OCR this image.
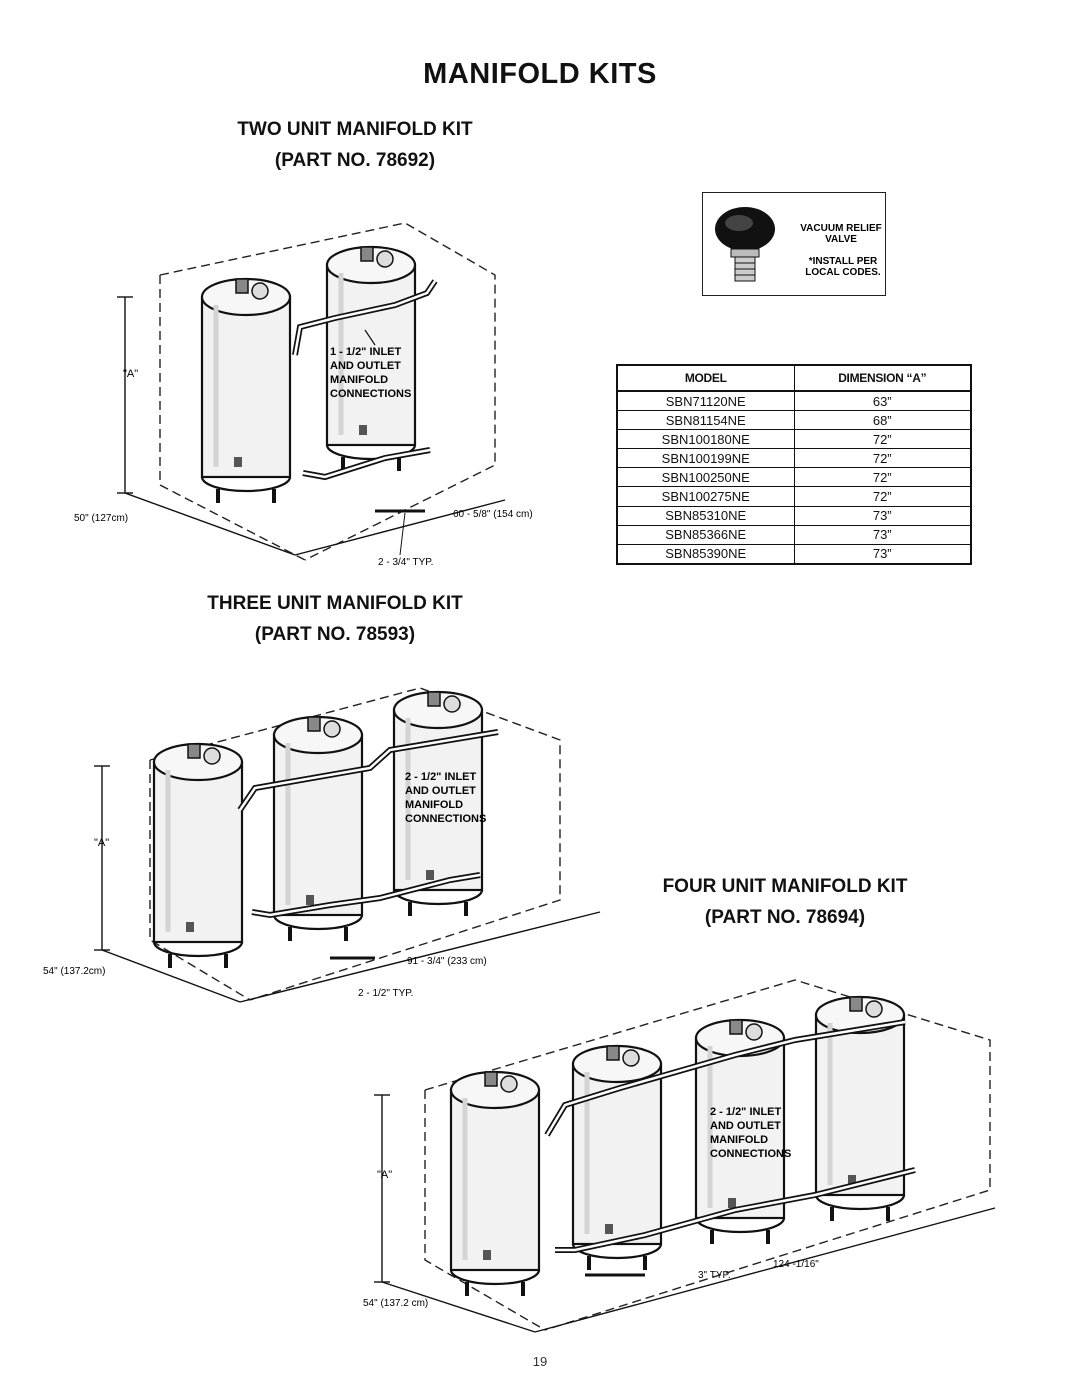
MANIFOLD KITS
TWO UNIT MANIFOLD KIT
(PART NO. 78692)
"A"
1 - 1/2" INLET
AND OUTLET
MANIFOLD
CONNECTIONS
50" (127cm)	60 - 5/8" (154 cm)
2 - 3/4" TYP.
VACUUM RELIEF
VALVE
*INSTALL PER
LOCAL CODES.
MODEL	DIMENSION “A”
SBN71120NE	63”
SBN81154NE	68”
SBN100180NE	72”
SBN100199NE	72”
SBN100250NE	72”
SBN100275NE	72”
SBN85310NE	73”
SBN85366NE	73”
SBN85390NE	73”
THREE UNIT MANIFOLD KIT
(PART NO. 78593)
"A"
2 - 1/2" INLET
AND OUTLET
MANIFOLD
CONNECTIONS
54" (137.2cm)
91 - 3/4" (233 cm)
2 - 1/2" TYP.
FOUR UNIT MANIFOLD KIT
(PART NO. 78694)
"A"
2 - 1/2" INLET
AND OUTLET
MANIFOLD
CONNECTIONS
54" (137.2 cm)
124 -1/16"
3" TYP.
19
